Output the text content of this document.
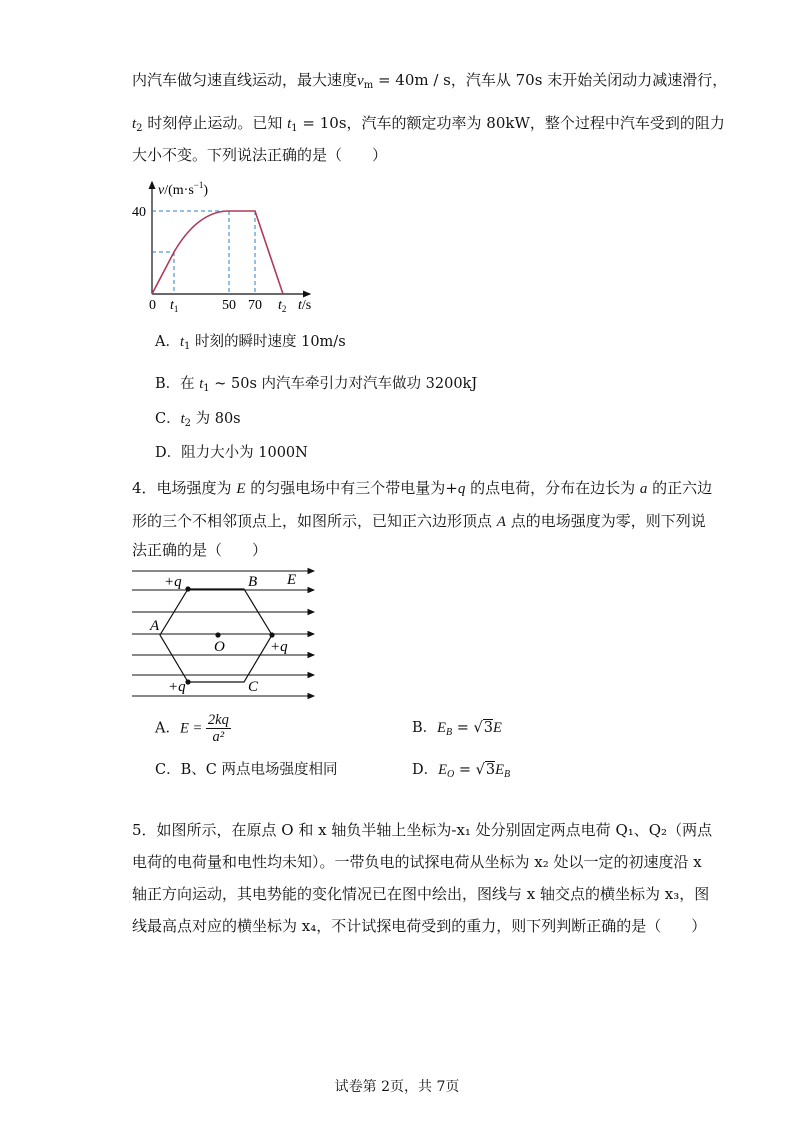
内汽车做匀速直线运动，最大速度$v_m = 40m / s$，汽车从 70s 末开始关闭动力减速滑行，
$t_2$ 时刻停止运动。已知 $t_1 = 10s$，汽车的额定功率为 80kW，整个过程中汽车受到的阻力
大小不变。下列说法正确的是（　　）
$v/(m\cdot s^{-1})$
40
0 $t_1$	50 70 $t_2$ t/s
A．$t_1$ 时刻的瞬时速度 10m/s
B．在 $t_1$ ~ 50s 内汽车牵引力对汽车做功 3200kJ
C．$t_2$ 为 80s
D．阻力大小为 1000N
4．电场强度为 E 的匀强电场中有三个带电量为+q 的点电荷，分布在边长为 a 的正六边
形的三个不相邻顶点上，如图所示，已知正六边形顶点 A 点的电场强度为零，则下列说
法正确的是（　　）
+q	B E
A
O	+q
+q	C
A．$E = \frac{2kq}{\text{a²}}$	B．$E_B = √3E$
C．B、C 两点电场强度相同	D．$E_O = √3E_B$
5．如图所示，在原点 O 和 x 轴负半轴上坐标为-x₁ 处分别固定两点电荷 Q₁、Q₂（两点
电荷的电荷量和电性均未知）。一带负电的试探电荷从坐标为 x₂ 处以一定的初速度沿 x
轴正方向运动，其电势能的变化情况已在图中绘出，图线与 x 轴交点的横坐标为 x₃，图
线最高点对应的横坐标为 x₄，不计试探电荷受到的重力，则下列判断正确的是（　　）
试卷第 2页，共 7页
